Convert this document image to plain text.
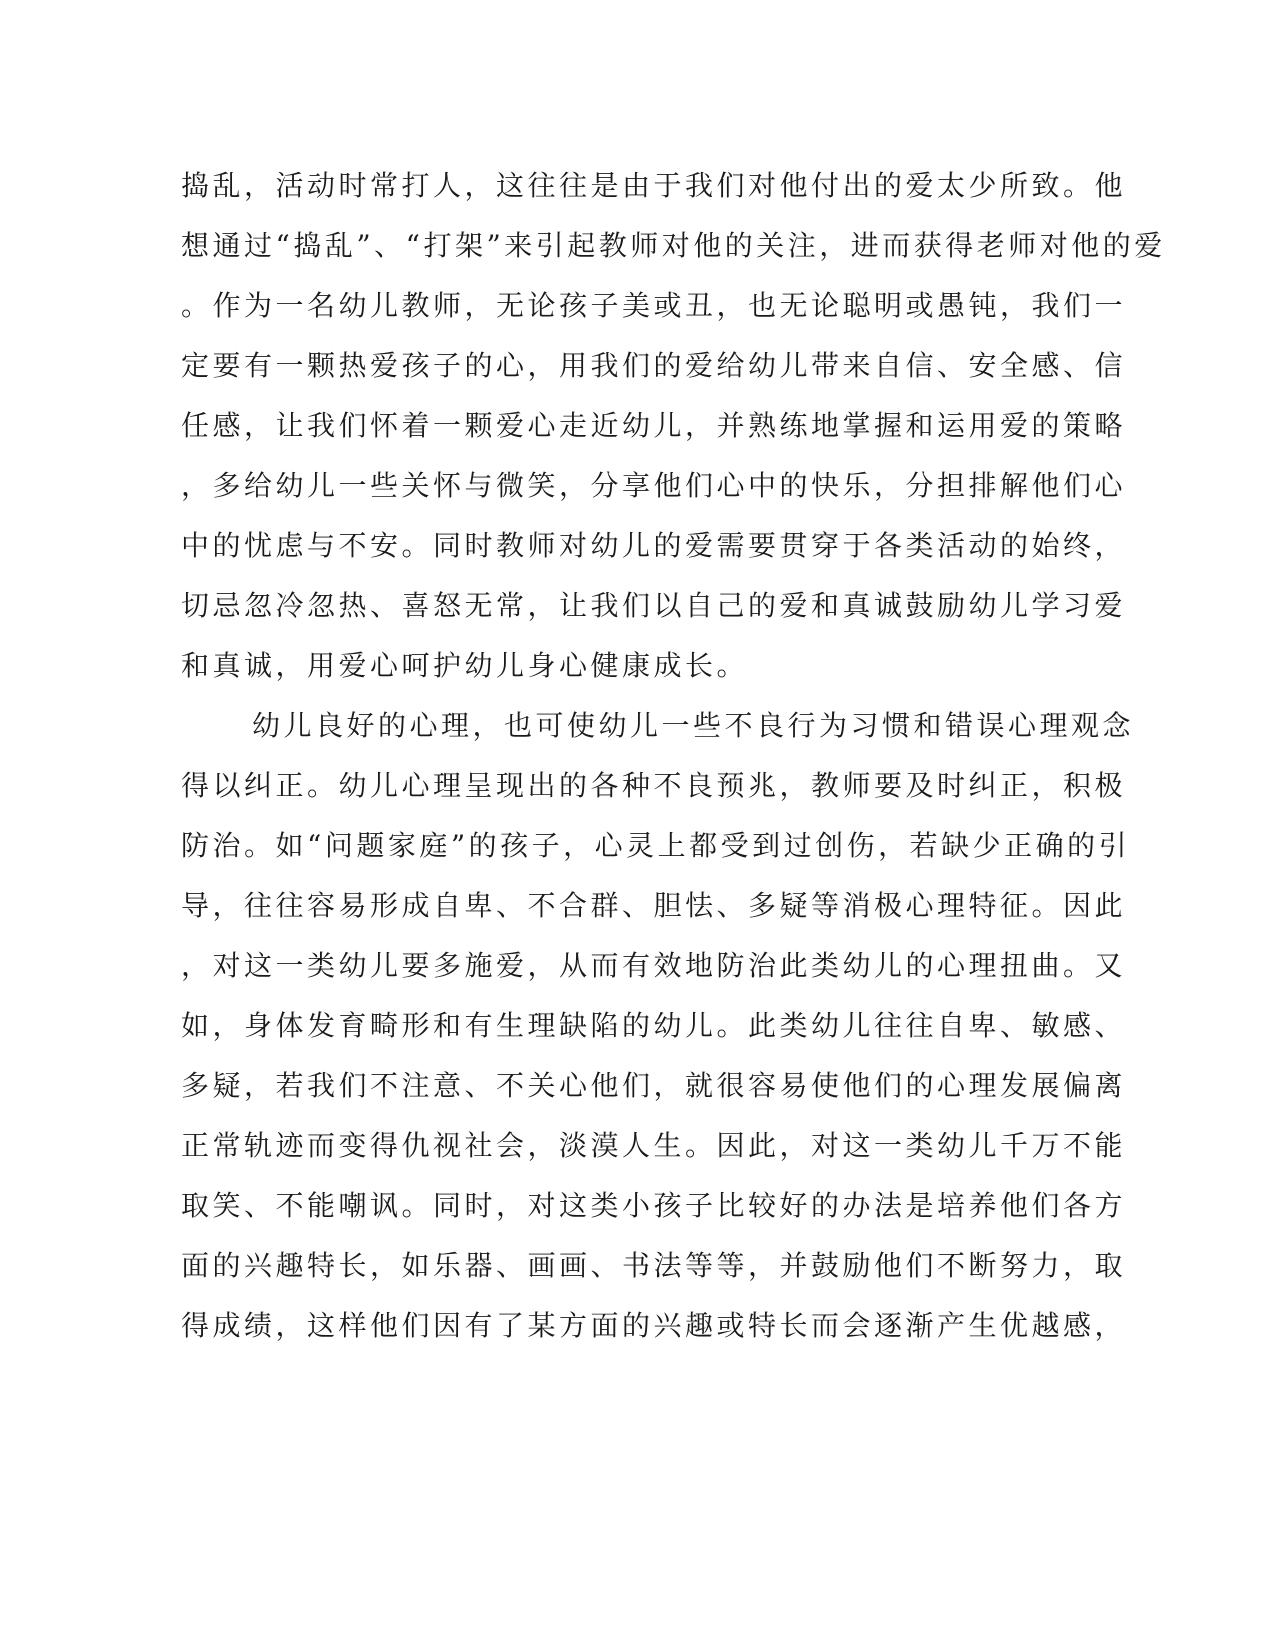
捣乱，活动时常打人，这往往是由于我们对他付出的爱太少所致。他
想通过“捣乱”、“打架”来引起教师对他的关注，进而获得老师对他的爱
。作为一名幼儿教师，无论孩子美或丑，也无论聪明或愚钝，我们一
定要有一颗热爱孩子的心，用我们的爱给幼儿带来自信、安全感、信
任感，让我们怀着一颗爱心走近幼儿，并熟练地掌握和运用爱的策略
，多给幼儿一些关怀与微笑，分享他们心中的快乐，分担排解他们心
中的忧虑与不安。同时教师对幼儿的爱需要贯穿于各类活动的始终，
切忌忽冷忽热、喜怒无常，让我们以自己的爱和真诚鼓励幼儿学习爱
和真诚，用爱心呵护幼儿身心健康成长。
幼儿良好的心理，也可使幼儿一些不良行为习惯和错误心理观念
得以纠正。幼儿心理呈现出的各种不良预兆，教师要及时纠正，积极
防治。如“问题家庭”的孩子，心灵上都受到过创伤，若缺少正确的引
导，往往容易形成自卑、不合群、胆怯、多疑等消极心理特征。因此
，对这一类幼儿要多施爱，从而有效地防治此类幼儿的心理扭曲。又
如，身体发育畸形和有生理缺陷的幼儿。此类幼儿往往自卑、敏感、
多疑，若我们不注意、不关心他们，就很容易使他们的心理发展偏离
正常轨迹而变得仇视社会，淡漠人生。因此，对这一类幼儿千万不能
取笑、不能嘲讽。同时，对这类小孩子比较好的办法是培养他们各方
面的兴趣特长，如乐器、画画、书法等等，并鼓励他们不断努力，取
得成绩，这样他们因有了某方面的兴趣或特长而会逐渐产生优越感，
